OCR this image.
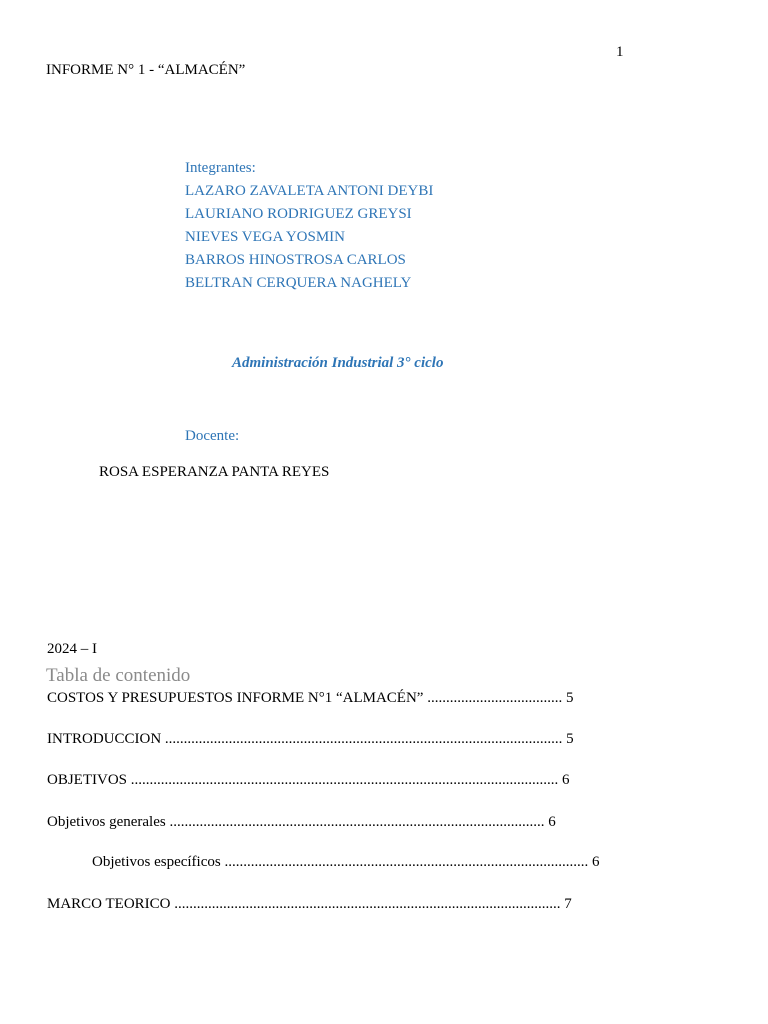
1
INFORME N° 1 - “ALMACÉN”
Integrantes:
LAZARO ZAVALETA ANTONI DEYBI
LAURIANO RODRIGUEZ GREYSI
NIEVES VEGA YOSMIN
BARROS HINOSTROSA CARLOS
BELTRAN CERQUERA NAGHELY
Administración Industrial 3° ciclo
Docente:
ROSA ESPERANZA PANTA REYES
2024 – I
Tabla de contenido
COSTOS Y PRESUPUESTOS INFORME N°1 “ALMACÉN” .................................... 5
INTRODUCCION .......................................................................................................... 5
OBJETIVOS .................................................................................................................. 6
Objetivos generales .................................................................................................... 6
Objetivos específicos ................................................................................................. 6
MARCO TEORICO ....................................................................................................... 7
